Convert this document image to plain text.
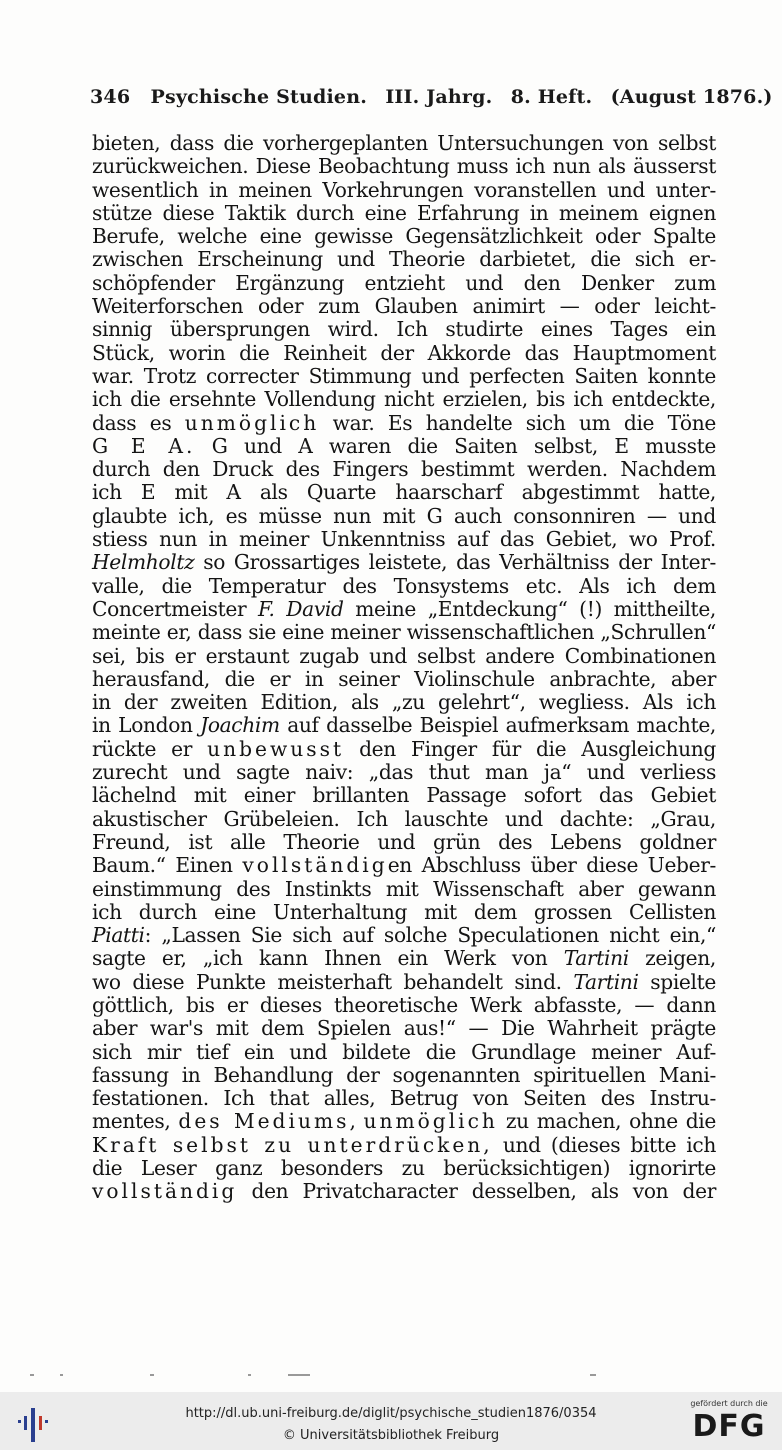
346 Psychische Studien. III. Jahrg. 8. Heft. (August 1876.)
bieten, dass die vorhergeplanten Untersuchungen von selbst
zurückweichen. Diese Beobachtung muss ich nun als äusserst
wesentlich in meinen Vorkehrungen voranstellen und unter-
stütze diese Taktik durch eine Erfahrung in meinem eignen
Berufe, welche eine gewisse Gegensätzlichkeit oder Spalte
zwischen Erscheinung und Theorie darbietet, die sich er-
schöpfender Ergänzung entzieht und den Denker zum
Weiterforschen oder zum Glauben animirt — oder leicht-
sinnig übersprungen wird. Ich studirte eines Tages ein
Stück, worin die Reinheit der Akkorde das Hauptmoment
war. Trotz correcter Stimmung und perfecten Saiten konnte
ich die ersehnte Vollendung nicht erzielen, bis ich entdeckte,
dass es unmöglich war. Es handelte sich um die Töne
G E A. G und A waren die Saiten selbst, E musste
durch den Druck des Fingers bestimmt werden. Nachdem
ich E mit A als Quarte haarscharf abgestimmt hatte,
glaubte ich, es müsse nun mit G auch consonniren — und
stiess nun in meiner Unkenntniss auf das Gebiet, wo Prof.
Helmholtz so Grossartiges leistete, das Verhältniss der Inter-
valle, die Temperatur des Tonsystems etc. Als ich dem
Concertmeister F. David meine „Entdeckung“ (!) mittheilte,
meinte er, dass sie eine meiner wissenschaftlichen „Schrullen“
sei, bis er erstaunt zugab und selbst andere Combinationen
herausfand, die er in seiner Violinschule anbrachte, aber
in der zweiten Edition, als „zu gelehrt“, wegliess. Als ich
in London Joachim auf dasselbe Beispiel aufmerksam machte,
rückte er unbewusst den Finger für die Ausgleichung
zurecht und sagte naiv: „das thut man ja“ und verliess
lächelnd mit einer brillanten Passage sofort das Gebiet
akustischer Grübeleien. Ich lauschte und dachte: „Grau,
Freund, ist alle Theorie und grün des Lebens goldner
Baum.“ Einen vollständigen Abschluss über diese Ueber-
einstimmung des Instinkts mit Wissenschaft aber gewann
ich durch eine Unterhaltung mit dem grossen Cellisten
Piatti: „Lassen Sie sich auf solche Speculationen nicht ein,“
sagte er, „ich kann Ihnen ein Werk von Tartini zeigen,
wo diese Punkte meisterhaft behandelt sind. Tartini spielte
göttlich, bis er dieses theoretische Werk abfasste, — dann
aber war's mit dem Spielen aus!“ — Die Wahrheit prägte
sich mir tief ein und bildete die Grundlage meiner Auf-
fassung in Behandlung der sogenannten spirituellen Mani-
festationen. Ich that alles, Betrug von Seiten des Instru-
mentes, des Mediums, unmöglich zu machen, ohne die
Kraft selbst zu unterdrücken, und (dieses bitte ich
die Leser ganz besonders zu berücksichtigen) ignorirte
vollständig den Privatcharacter desselben, als von der
http://dl.ub.uni-freiburg.de/diglit/psychische_studien1876/0354
© Universitätsbibliothek Freiburg
gefördert durch die
DFG
